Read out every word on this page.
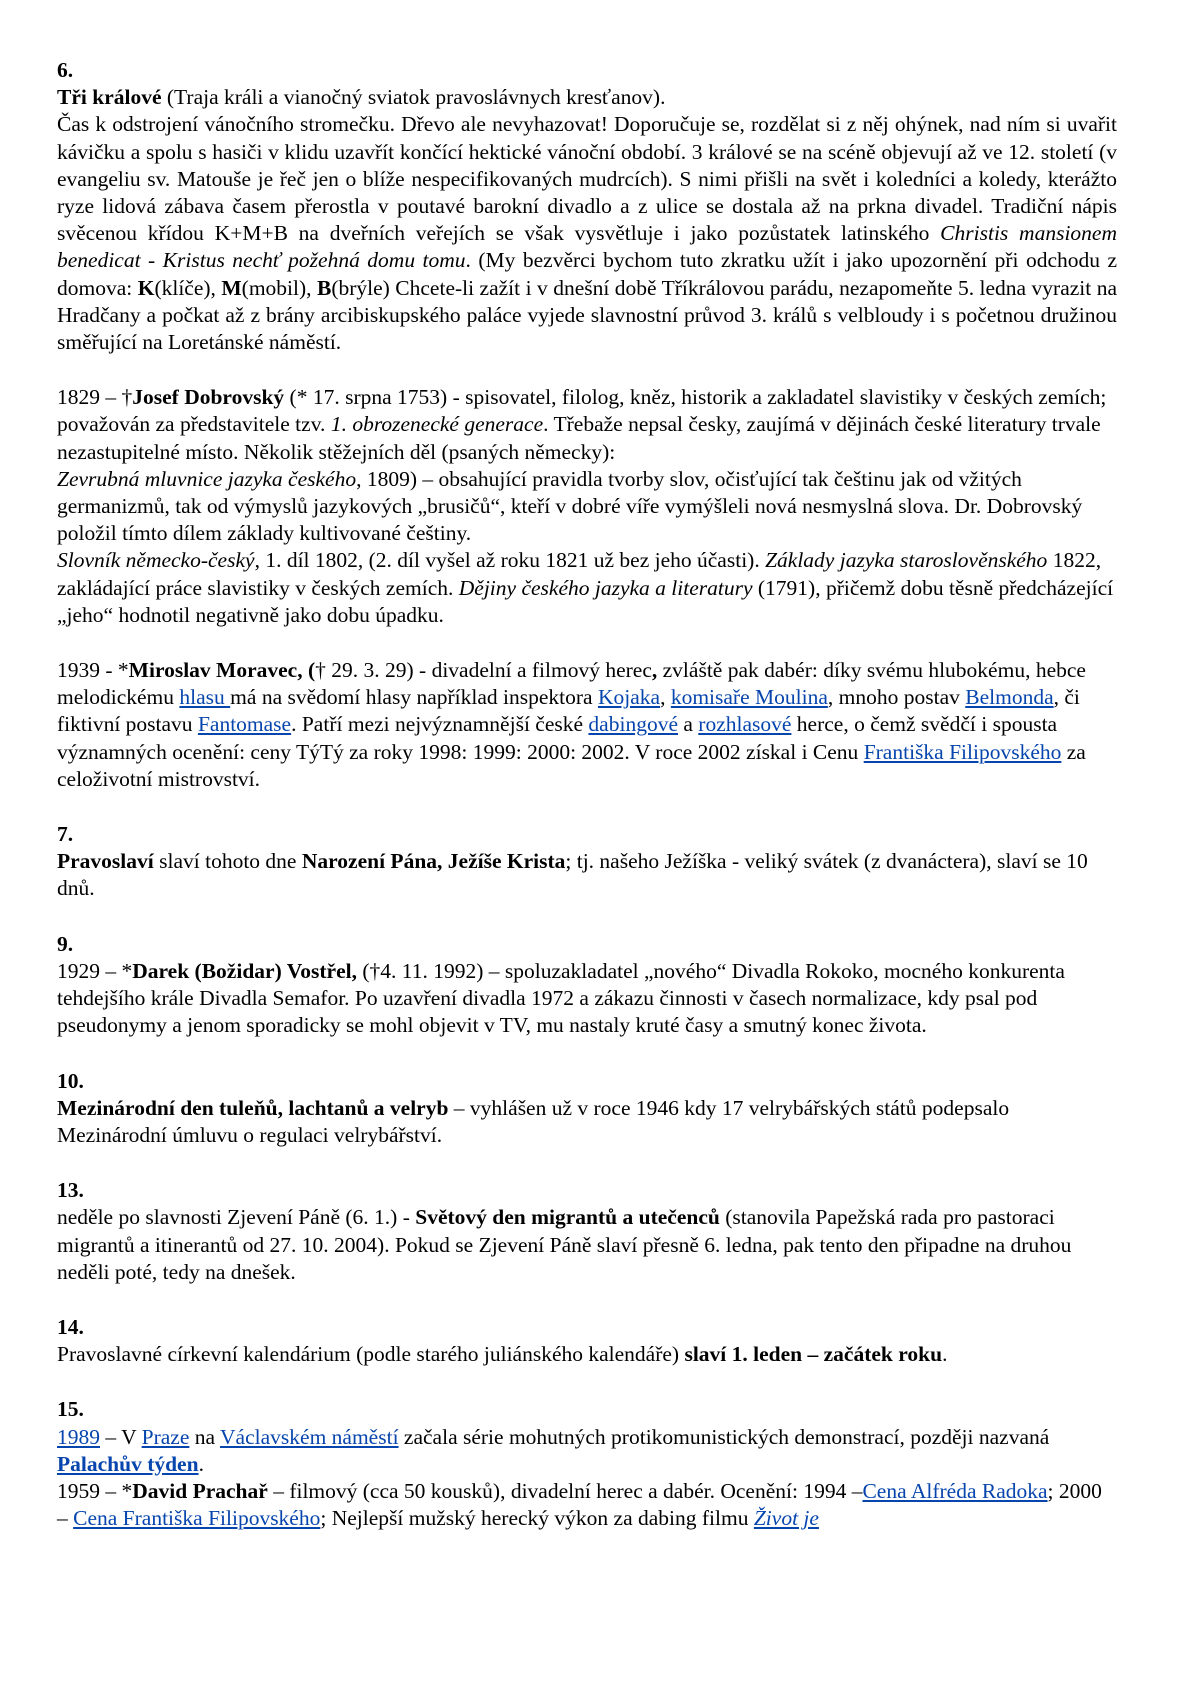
6.

Tři králové (Traja králi a vianočný sviatok pravoslávnych kresťanov).

Čas k odstrojení vánočního stromečku. Dřevo ale nevyhazovat! Doporučuje se, rozdělat si z něj ohýnek, nad ním si uvařit kávičku a spolu s hasiči v klidu uzavřít končící hektické vánoční období. 3 králové se na scéně objevují až ve 12. století (v evangeliu sv. Matouše je řeč jen o blíže nespecifikovaných mudrcích). S nimi přišli na svět i koledníci a koledy, kterážto ryze lidová zábava časem přerostla v poutavé barokní divadlo a z ulice se dostala až na prkna divadel. Tradiční nápis svěcenou křídou K+M+B na dveřních veřejích se však vysvětluje i jako pozůstatek latinského Christis mansionem benedicat - Kristus nechť požehná domu tomu. (My bezvěrci bychom tuto zkratku užít i jako upozornění při odchodu z domova: K(klíče), M(mobil), B(brýle) Chcete-li zažít i v dnešní době Tříkrálovou parádu, nezapomeňte 5. ledna vyrazit na Hradčany a počkat až z brány arcibiskupského paláce vyjede slavnostní průvod 3. králů s velbloudy i s početnou družinou směřující na Loretánské náměstí.

1829 – †Josef Dobrovský (* 17. srpna 1753) - spisovatel, filolog, kněz, historik a zakladatel slavistiky v českých zemích; považován za představitele tzv. 1. obrozenecké generace. Třebaže nepsal česky, zaujímá v dějinách české literatury trvale nezastupitelné místo. Několik stěžejních děl (psaných německy):

Zevrubná mluvnice jazyka českého, 1809) – obsahující pravidla tvorby slov, očisťující tak češtinu jak od vžitých germanizmů, tak od výmyslů jazykových „brusičů“, kteří v dobré víře vymýšleli nová nesmyslná slova. Dr. Dobrovský položil tímto dílem základy kultivované češtiny.

Slovník německo-český, 1. díl 1802, (2. díl vyšel až roku 1821 už bez jeho účasti). Základy jazyka staroslověnského 1822, zakládající práce slavistiky v českých zemích. Dějiny českého jazyka a literatury (1791), přičemž dobu těsně předcházející „jeho“ hodnotil negativně jako dobu úpadku.

1939 - *Miroslav Moravec, († 29. 3. 29) - divadelní a filmový herec, zvláště pak dabér: díky svému hlubokému, hebce melodickému hlasu má na svědomí hlasy například inspektora Kojaka, komisaře Moulina, mnoho postav Belmonda, či fiktivní postavu Fantomase. Patří mezi nejvýznamnější české dabingové a rozhlasové herce, o čemž svědčí i spousta významných ocenění: ceny TýTý za roky 1998: 1999: 2000: 2002. V roce 2002 získal i Cenu Františka Filipovského za celoživotní mistrovství.

7.

Pravoslaví slaví tohoto dne Narození Pána, Ježíše Krista; tj. našeho Ježíška - veliký svátek (z dvanáctera), slaví se 10 dnů.

9.

1929 – *Darek (Božidar) Vostřel, (†4. 11. 1992) – spoluzakladatel „nového“ Divadla Rokoko, mocného konkurenta tehdejšího krále Divadla Semafor. Po uzavření divadla 1972 a zákazu činnosti v časech normalizace, kdy psal pod pseudonymy a jenom sporadicky se mohl objevit v TV, mu nastaly kruté časy a smutný konec života.

10.

Mezinárodní den tuleňů, lachtanů a velryb – vyhlášen už v roce 1946 kdy 17 velrybářských států podepsalo Mezinárodní úmluvu o regulaci velrybářství.

13.

neděle po slavnosti Zjevení Páně (6. 1.) - Světový den migrantů a utečenců (stanovila Papežská rada pro pastoraci migrantů a itinerantů od 27. 10. 2004). Pokud se Zjevení Páně slaví přesně 6. ledna, pak tento den připadne na druhou neděli poté, tedy na dnešek.

14.

Pravoslavné církevní kalendárium (podle starého juliánského kalendáře) slaví 1. leden – začátek roku.

15.

1989 – V Praze na Václavském náměstí začala série mohutných protikomunistických demonstrací, později nazvaná Palachův týden.

1959 – *David Prachař – filmový (cca 50 kousků), divadelní herec a dabér. Ocenění: 1994 –Cena Alfréda Radoka; 2000 – Cena Františka Filipovského; Nejlepší mužský herecký výkon za dabing filmu Život je
